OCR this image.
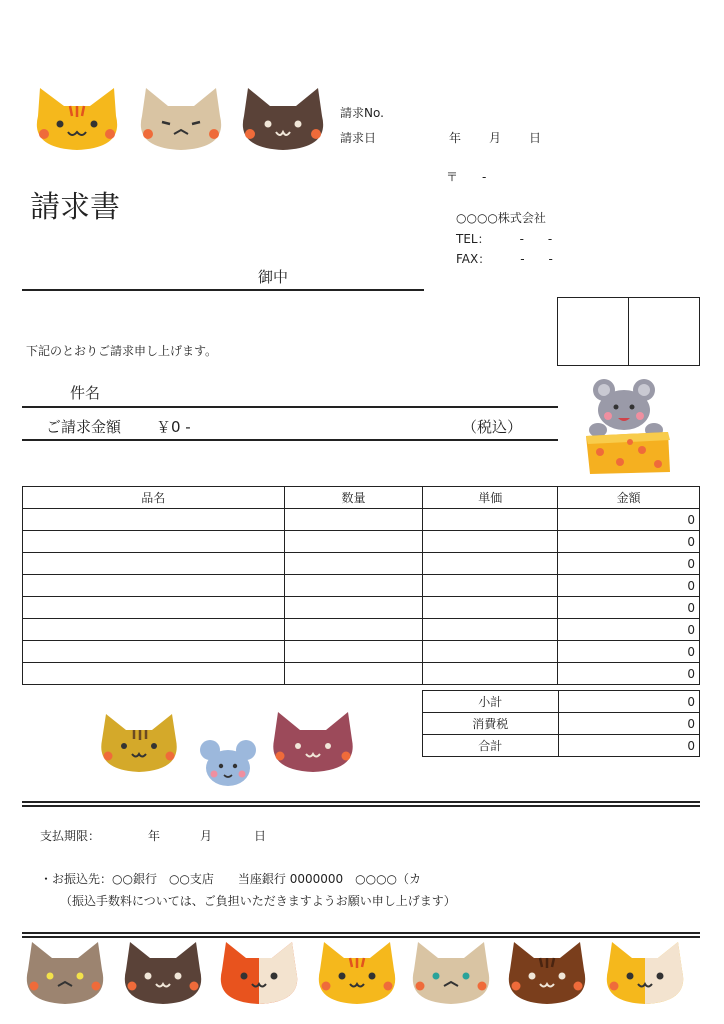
請求No.
請求日	年 月 日
請求書
〒　　-
○○○○株式会社
TEL：　　　-　　-
FAX：　　　-　　-
御中
下記のとおりご請求申し上げます。
件名
ご請求金額 ￥0 -	（税込）
品名	数量	単価	金額
			0
			0
			0
			0
			0
			0
			0
			0
小計	0
消費税	0
合計	0
支払期限：	年	月	日
・お振込先：○○銀行　○○支店　　当座銀行 0000000　○○○○（カ
（振込手数料については、ご負担いただきますようお願い申し上げます）
